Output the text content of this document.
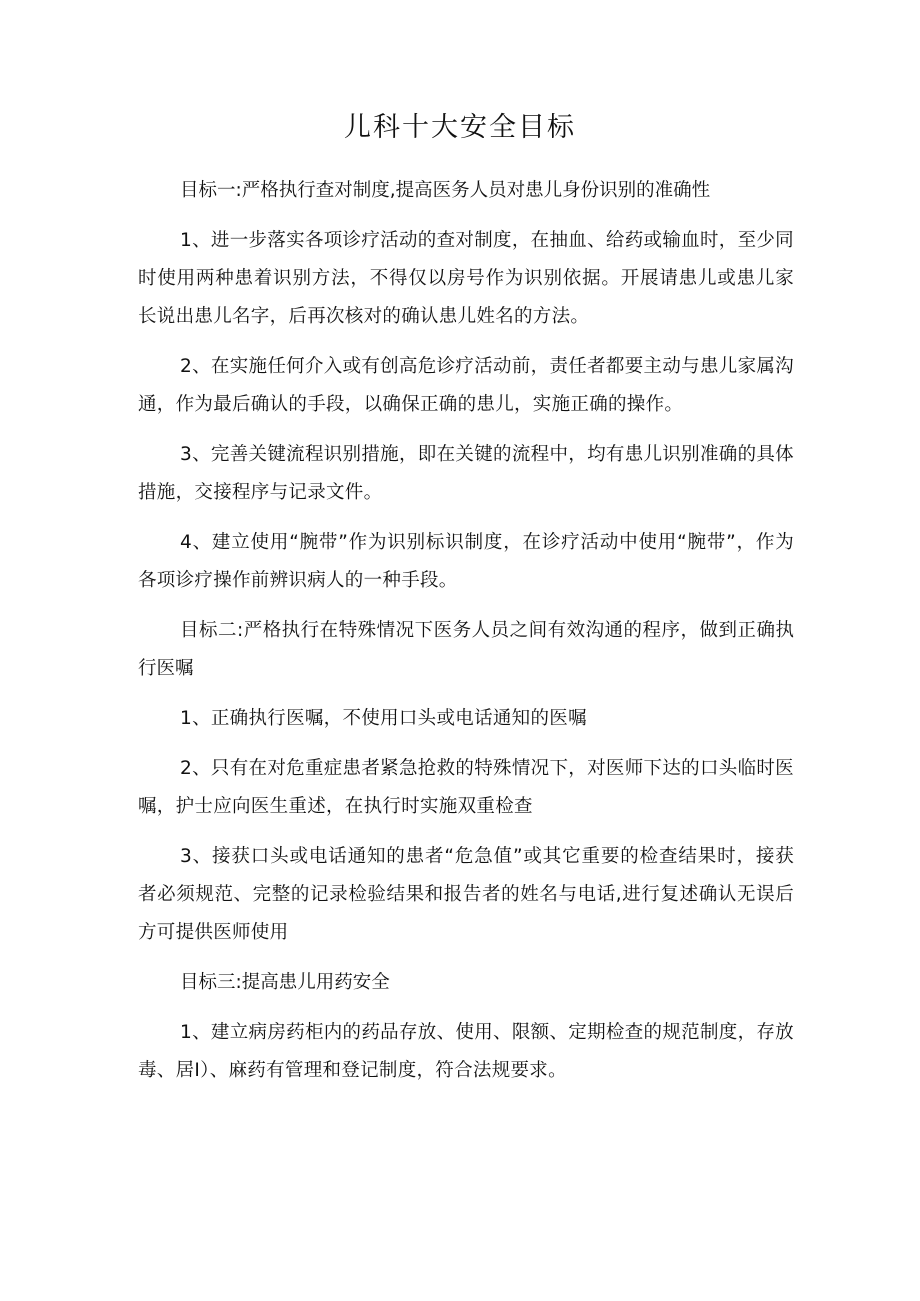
儿科十大安全目标

目标一:严格执行查对制度,提高医务人员对患儿身份识别的准确性

1、进一步落实各项诊疗活动的查对制度，在抽血、给药或输血时，至少同时使用两种患着识别方法，不得仅以房号作为识别依据。开展请患儿或患儿家长说出患儿名字，后再次核对的确认患儿姓名的方法。

2、在实施任何介入或有创高危诊疗活动前，责任者都要主动与患儿家属沟通，作为最后确认的手段，以确保正确的患儿，实施正确的操作。

3、完善关键流程识别措施，即在关键的流程中，均有患儿识别准确的具体措施，交接程序与记录文件。

4、建立使用“腕带”作为识别标识制度，在诊疗活动中使用“腕带”，作为各项诊疗操作前辨识病人的一种手段。

目标二:严格执行在特殊情况下医务人员之间有效沟通的程序，做到正确执行医嘱

1、正确执行医嘱，不使用口头或电话通知的医嘱

2、只有在对危重症患者紧急抢救的特殊情况下，对医师下达的口头临时医嘱，护士应向医生重述，在执行时实施双重检查

3、接获口头或电话通知的患者“危急值”或其它重要的检查结果时，接获者必须规范、完整的记录检验结果和报告者的姓名与电话,进行复述确认无误后方可提供医师使用

目标三:提高患儿用药安全

1、建立病房药柜内的药品存放、使用、限额、定期检查的规范制度，存放毒、居I）、麻药有管理和登记制度，符合法规要求。
